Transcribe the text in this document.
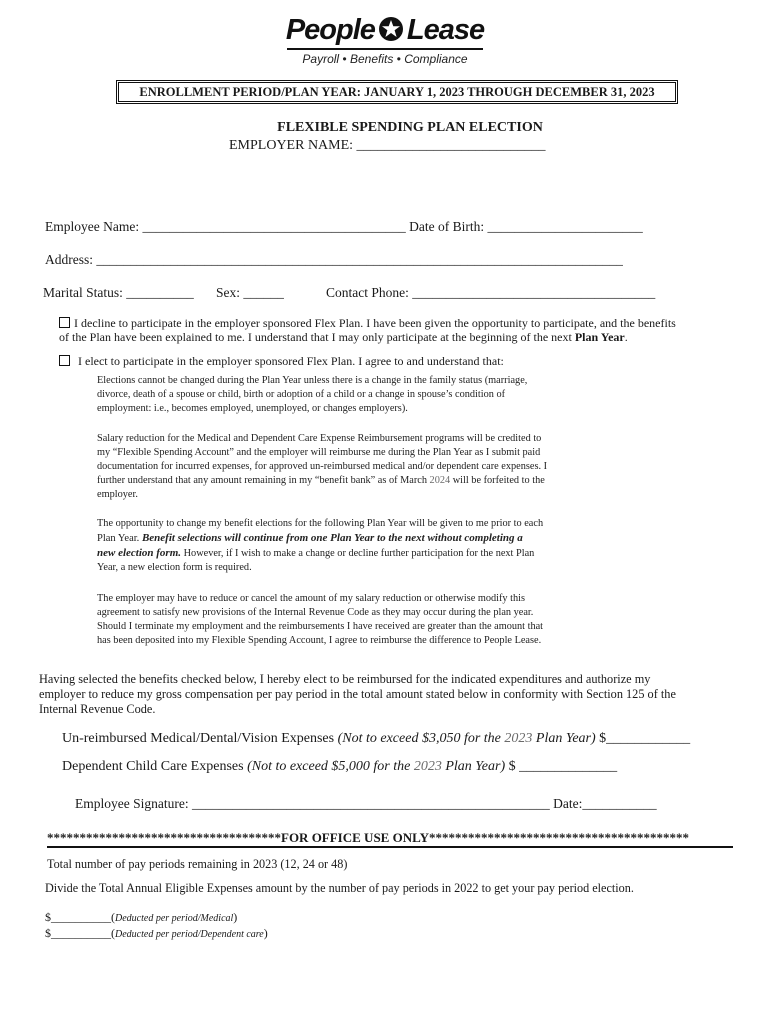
People Lease
Payroll • Benefits • Compliance
ENROLLMENT PERIOD/PLAN YEAR: JANUARY 1, 2023 THROUGH DECEMBER 31, 2023
FLEXIBLE SPENDING PLAN ELECTION
EMPLOYER NAME: ___________________________
Employee Name: _______________________________________ Date of Birth: _______________________
Address: ______________________________________________________________________________
Marital Status: __________ Sex: ______	Contact Phone: ____________________________________
I decline to participate in the employer sponsored Flex Plan. I have been given the opportunity to participate, and the benefits
of the Plan have been explained to me. I understand that I may only participate at the beginning of the next Plan Year.
I elect to participate in the employer sponsored Flex Plan. I agree to and understand that:
Elections cannot be changed during the Plan Year unless there is a change in the family status (marriage,
divorce, death of a spouse or child, birth or adoption of a child or a change in spouse’s condition of
employment: i.e., becomes employed, unemployed, or changes employers).
Salary reduction for the Medical and Dependent Care Expense Reimbursement programs will be credited to
my “Flexible Spending Account” and the employer will reimburse me during the Plan Year as I submit paid
documentation for incurred expenses, for approved un-reimbursed medical and/or dependent care expenses. I
further understand that any amount remaining in my “benefit bank” as of March 2024 will be forfeited to the
employer.
The opportunity to change my benefit elections for the following Plan Year will be given to me prior to each
Plan Year. Benefit selections will continue from one Plan Year to the next without completing a
new election form. However, if I wish to make a change or decline further participation for the next Plan
Year, a new election form is required.
The employer may have to reduce or cancel the amount of my salary reduction or otherwise modify this
agreement to satisfy new provisions of the Internal Revenue Code as they may occur during the plan year.
Should I terminate my employment and the reimbursements I have received are greater than the amount that
has been deposited into my Flexible Spending Account, I agree to reimburse the difference to People Lease.
Having selected the benefits checked below, I hereby elect to be reimbursed for the indicated expenditures and authorize my
employer to reduce my gross compensation per pay period in the total amount stated below in conformity with Section 125 of the
Internal Revenue Code.
Un-reimbursed Medical/Dental/Vision Expenses (Not to exceed $3,050 for the 2023 Plan Year) $____________
Dependent Child Care Expenses (Not to exceed $5,000 for the 2023 Plan Year) $ ______________
Employee Signature: _____________________________________________________ Date:___________
************************************FOR OFFICE USE ONLY****************************************
Total number of pay periods remaining in 2023 (12, 24 or 48)
Divide the Total Annual Eligible Expenses amount by the number of pay periods in 2022 to get your pay period election.
$__________(Deducted per period/Medical)
$__________(Deducted per period/Dependent care)
